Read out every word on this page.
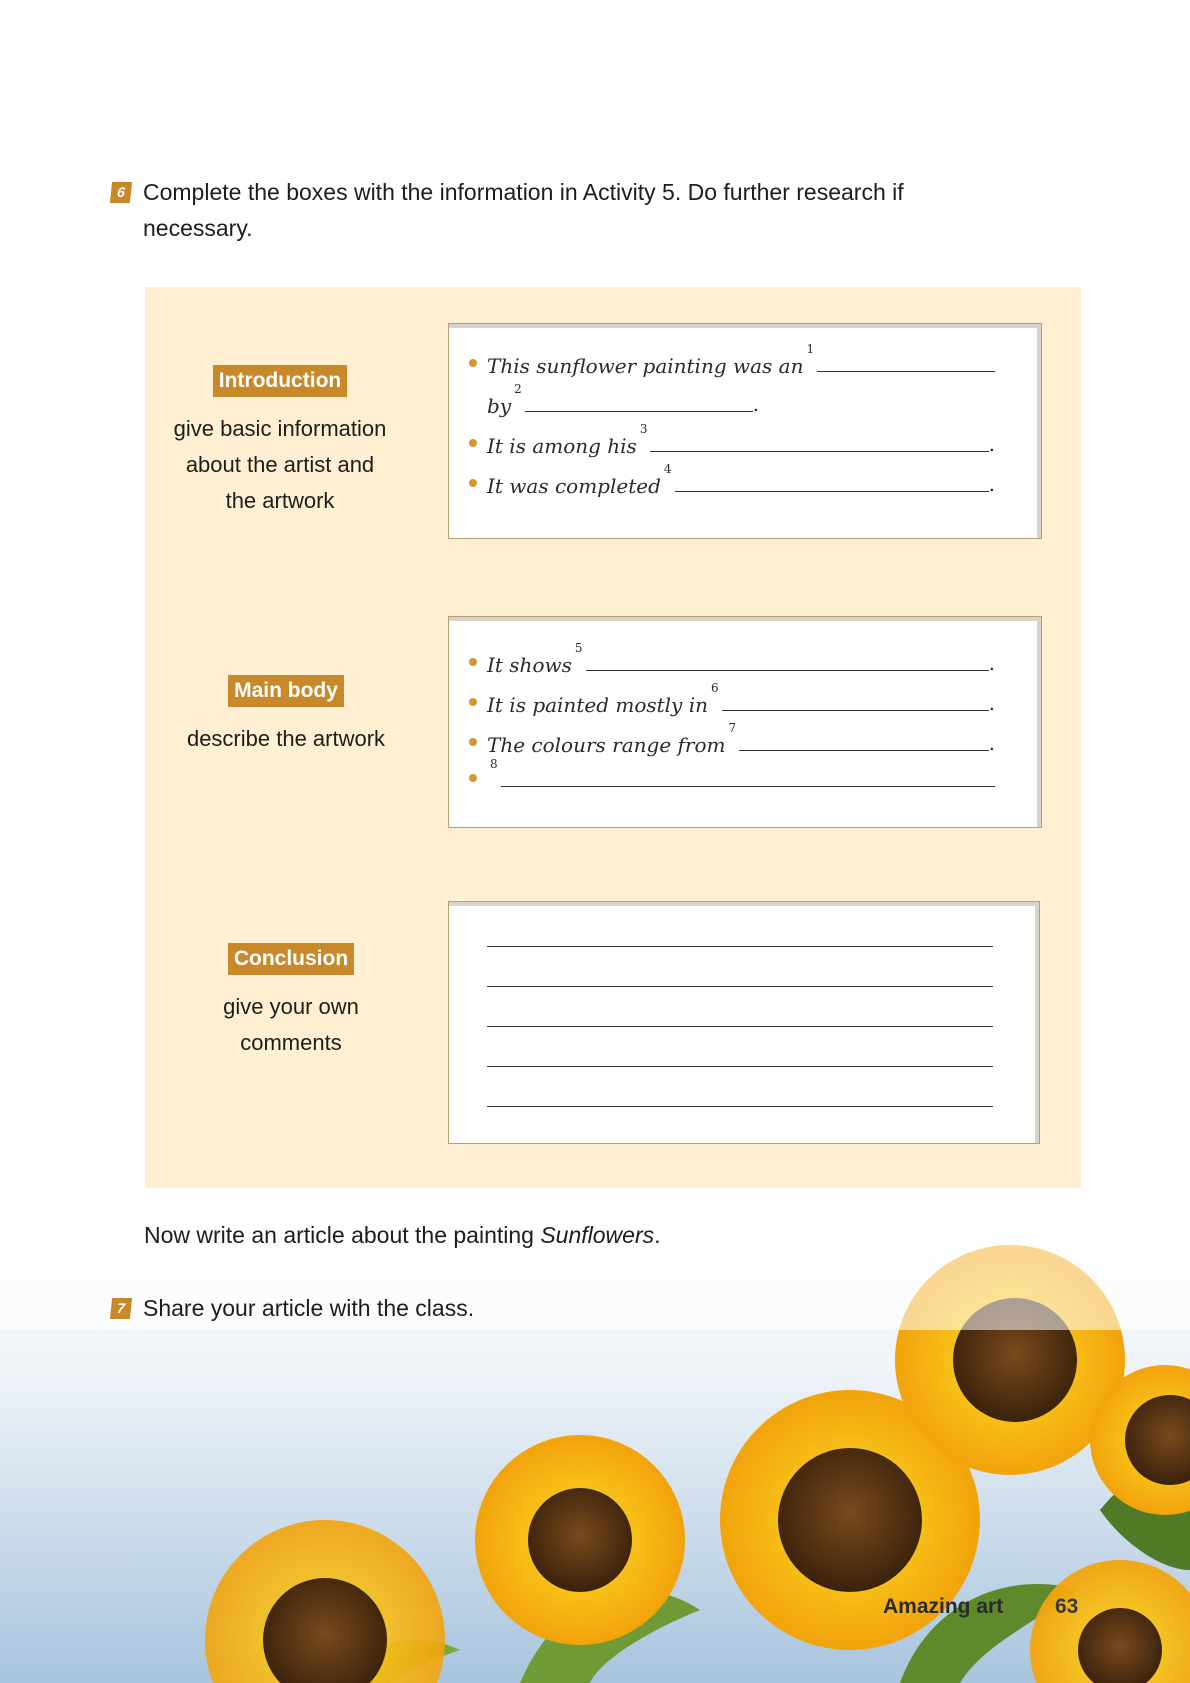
6 Complete the boxes with the information in Activity 5. Do further research if necessary.
Introduction
give basic information
about the artist and
the artwork
This sunflower painting was an
1
by
2
.
It is among his
3
.
It was completed
4
.
Main body
describe the artwork
It shows
5
.
It is painted mostly in
6
.
The colours range from
7
.
8
Conclusion
give your own
comments
Now write an article about the painting Sunflowers.
7 Share your article with the class.
Amazing art 63
